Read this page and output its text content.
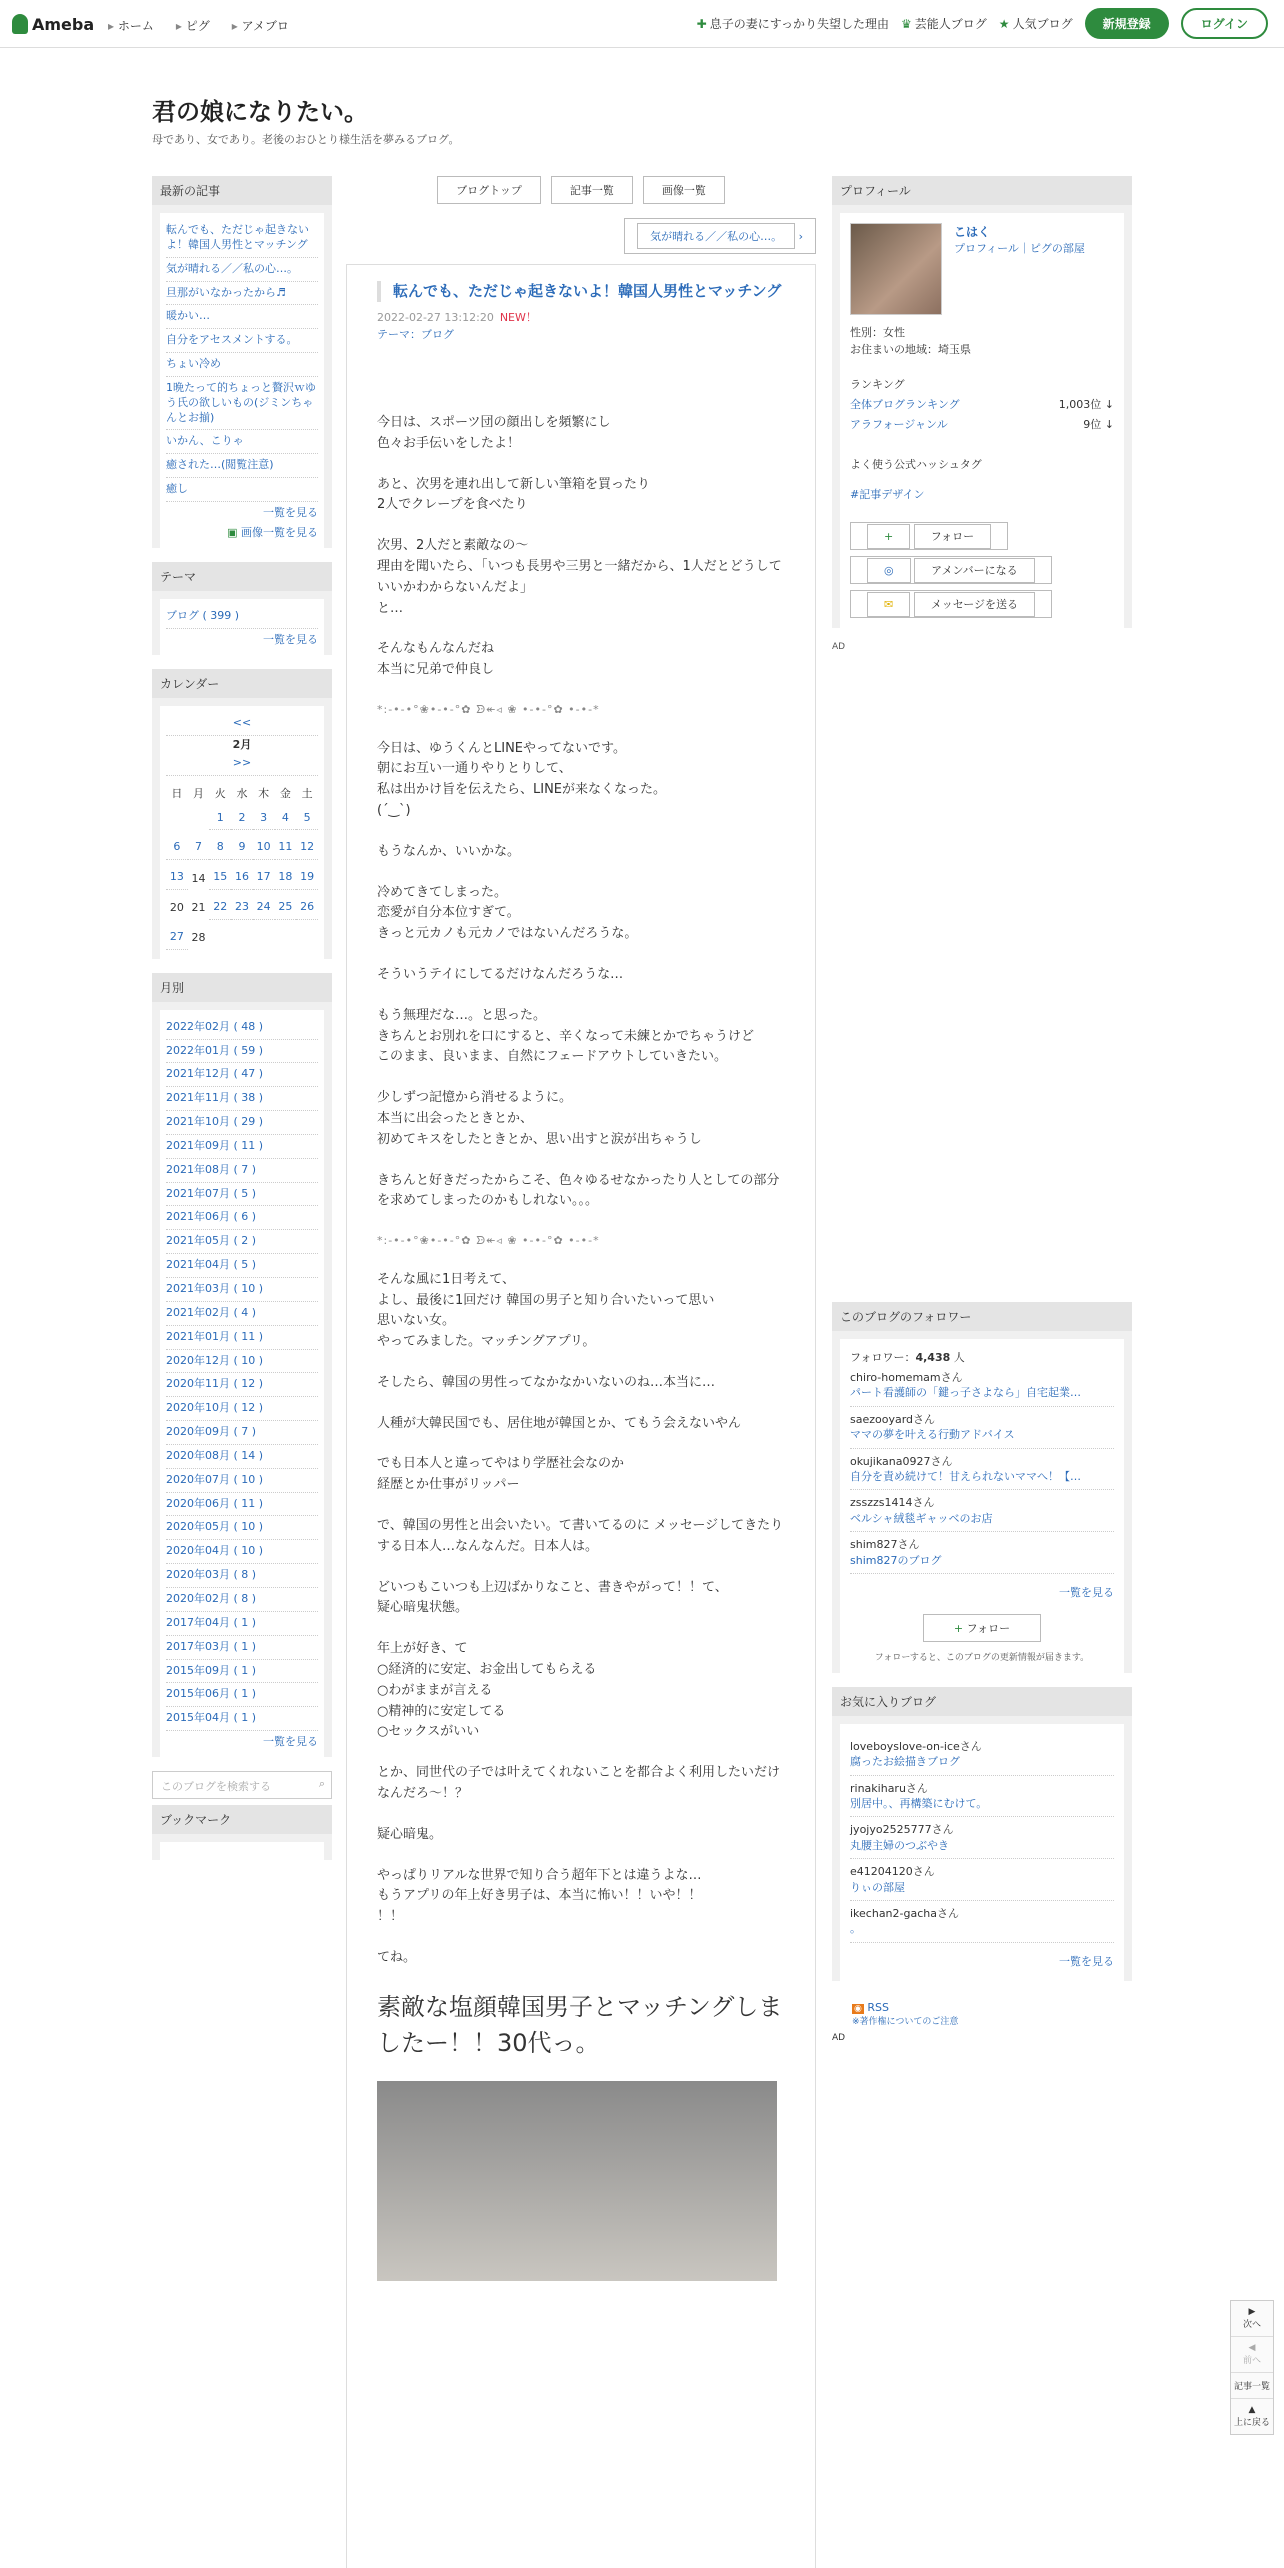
Ameba	▸ ホーム	▸ ピグ	▸ アメブロ	✚ 息子の妻にすっかり失望した理由 ♛ 芸能人ブログ ★ 人気ブログ	新規登録	ログイン
君の娘になりたい。
母であり、女であり。老後のおひとり様生活を夢みるブログ。
最新の記事
転んでも、ただじゃ起きないよ！韓国人男性とマッチング
気が晴れる／／私の心…。
旦那がいなかったから♬
暖かい…
自分をアセスメントする。
ちょい冷め
1晩たって的ちょっと贅沢ｗゆう氏の欲しいもの(ジミンちゃんとお揃)
いかん、こりゃ
癒された…(閲覧注意)
癒し
一覧を見る
▣ 画像一覧を見る
テーマ
ブログ ( 399 )
一覧を見る
カレンダー
<<
2月
>>
日	月	火	水	木	金	土

		1	2	3	4	5

6	7	8	9	10	11	12

13	14	15	16	17	18	19

20	21	22	23	24	25	26

27	28					
月別
2022年02月 ( 48 )
2022年01月 ( 59 )
2021年12月 ( 47 )
2021年11月 ( 38 )
2021年10月 ( 29 )
2021年09月 ( 11 )
2021年08月 ( 7 )
2021年07月 ( 5 )
2021年06月 ( 6 )
2021年05月 ( 2 )
2021年04月 ( 5 )
2021年03月 ( 10 )
2021年02月 ( 4 )
2021年01月 ( 11 )
2020年12月 ( 10 )
2020年11月 ( 12 )
2020年10月 ( 12 )
2020年09月 ( 7 )
2020年08月 ( 14 )
2020年07月 ( 10 )
2020年06月 ( 11 )
2020年05月 ( 10 )
2020年04月 ( 10 )
2020年03月 ( 8 )
2020年02月 ( 8 )
2017年04月 ( 1 )
2017年03月 ( 1 )
2015年09月 ( 1 )
2015年06月 ( 1 )
2015年04月 ( 1 )
一覧を見る
このブログを検索する	⌕
ブックマーク
ブログトップ	記事一覧	画像一覧
気が晴れる／／私の心…。 ›
転んでも、ただじゃ起きないよ！韓国人男性とマッチング
2022-02-27 13:12:20 NEW！
テーマ：ブログ

今日は、スポーツ団の顔出しを頻繁にし
色々お手伝いをしたよ！

あと、次男を連れ出して新しい筆箱を買ったり
2人でクレープを食べたり

次男、2人だと素敵なの〜
理由を聞いたら、「いつも長男や三男と一緒だから、1人だとどうしていいかわからないんだよ」
と…

そんなもんなんだね
本当に兄弟で仲良し

*:-•-•°❀•-•-°✿ ᗦ↞◃ ❀ •-•-°✿ •-•-*

今日は、ゆうくんとLINEやってないです。
朝にお互い一通りやりとりして、
私は出かけ旨を伝えたら、LINEが来なくなった。
(´‿`)

もうなんか、いいかな。

冷めてきてしまった。
恋愛が自分本位すぎて。
きっと元カノも元カノではないんだろうな。

そういうテイにしてるだけなんだろうな…

もう無理だな…。と思った。
きちんとお別れを口にすると、辛くなって未練とかでちゃうけど
このまま、良いまま、自然にフェードアウトしていきたい。

少しずつ記憶から消せるように。
本当に出会ったときとか、
初めてキスをしたときとか、思い出すと涙が出ちゃうし

きちんと好きだったからこそ、色々ゆるせなかったり人としての部分を求めてしまったのかもしれない。。。

*:-•-•°❀•-•-°✿ ᗦ↞◃ ❀ •-•-°✿ •-•-*

そんな風に1日考えて、
よし、最後に1回だけ 韓国の男子と知り合いたいって思い
思いない女。
やってみました。マッチングアプリ。

そしたら、韓国の男性ってなかなかいないのね…本当に…

人種が大韓民国でも、居住地が韓国とか、てもう会えないやん

でも日本人と違ってやはり学歴社会なのか
経歴とか仕事がリッパー

で、韓国の男性と出会いたい。て書いてるのに メッセージしてきたりする日本人…なんなんだ。日本人は。

どいつもこいつも上辺ばかりなこと、書きやがって！！て、
疑心暗鬼状態。

年上が好き、て
○経済的に安定、お金出してもらえる
○わがままが言える
○精神的に安定してる
○セックスがいい

とか、同世代の子では叶えてくれないことを都合よく利用したいだけなんだろ〜！？

疑心暗鬼。

やっぱりリアルな世界で知り合う超年下とは違うよな…
もうアプリの年上好き男子は、本当に怖い！！いや！！
！！

てね。

素敵な塩顔韓国男子とマッチングしましたー！！30代っ。
プロフィール
こはく
プロフィール｜ピグの部屋
性別：女性
お住まいの地域：埼玉県
ランキング
全体ブログランキング	1,003位 ↓
アラフォージャンル	9位 ↓
よく使う公式ハッシュタグ
#記事デザイン
+	フォロー
◎	アメンバーになる
✉	メッセージを送る
AD
このブログのフォロワー
フォロワー：4,438 人
chiro-homemamさん
パート看護師の「鍵っ子さよなら」自宅起業…
saezooyardさん
ママの夢を叶える行動アドバイス
okujikana0927さん
自分を責め続けて！甘えられないママへ！【…
zsszzs1414さん
ベルシャ絨毯ギャッベのお店
shim827さん
shim827のブログ
一覧を見る
+ フォロー
フォローすると、このブログの更新情報が届きます。
お気に入りブログ
loveboyslove-on-iceさん
腐ったお絵描きブログ
rinakiharuさん
別居中。、再構築にむけて。
jyojyo2525777さん
丸腰主婦のつぶやき
e41204120さん
りぃの部屋
ikechan2-gachaさん
。
一覧を見る
◉ RSS
※著作権についてのご注意
AD
▶
次へ
◀
前へ
記事一覧
▲
上に戻る
